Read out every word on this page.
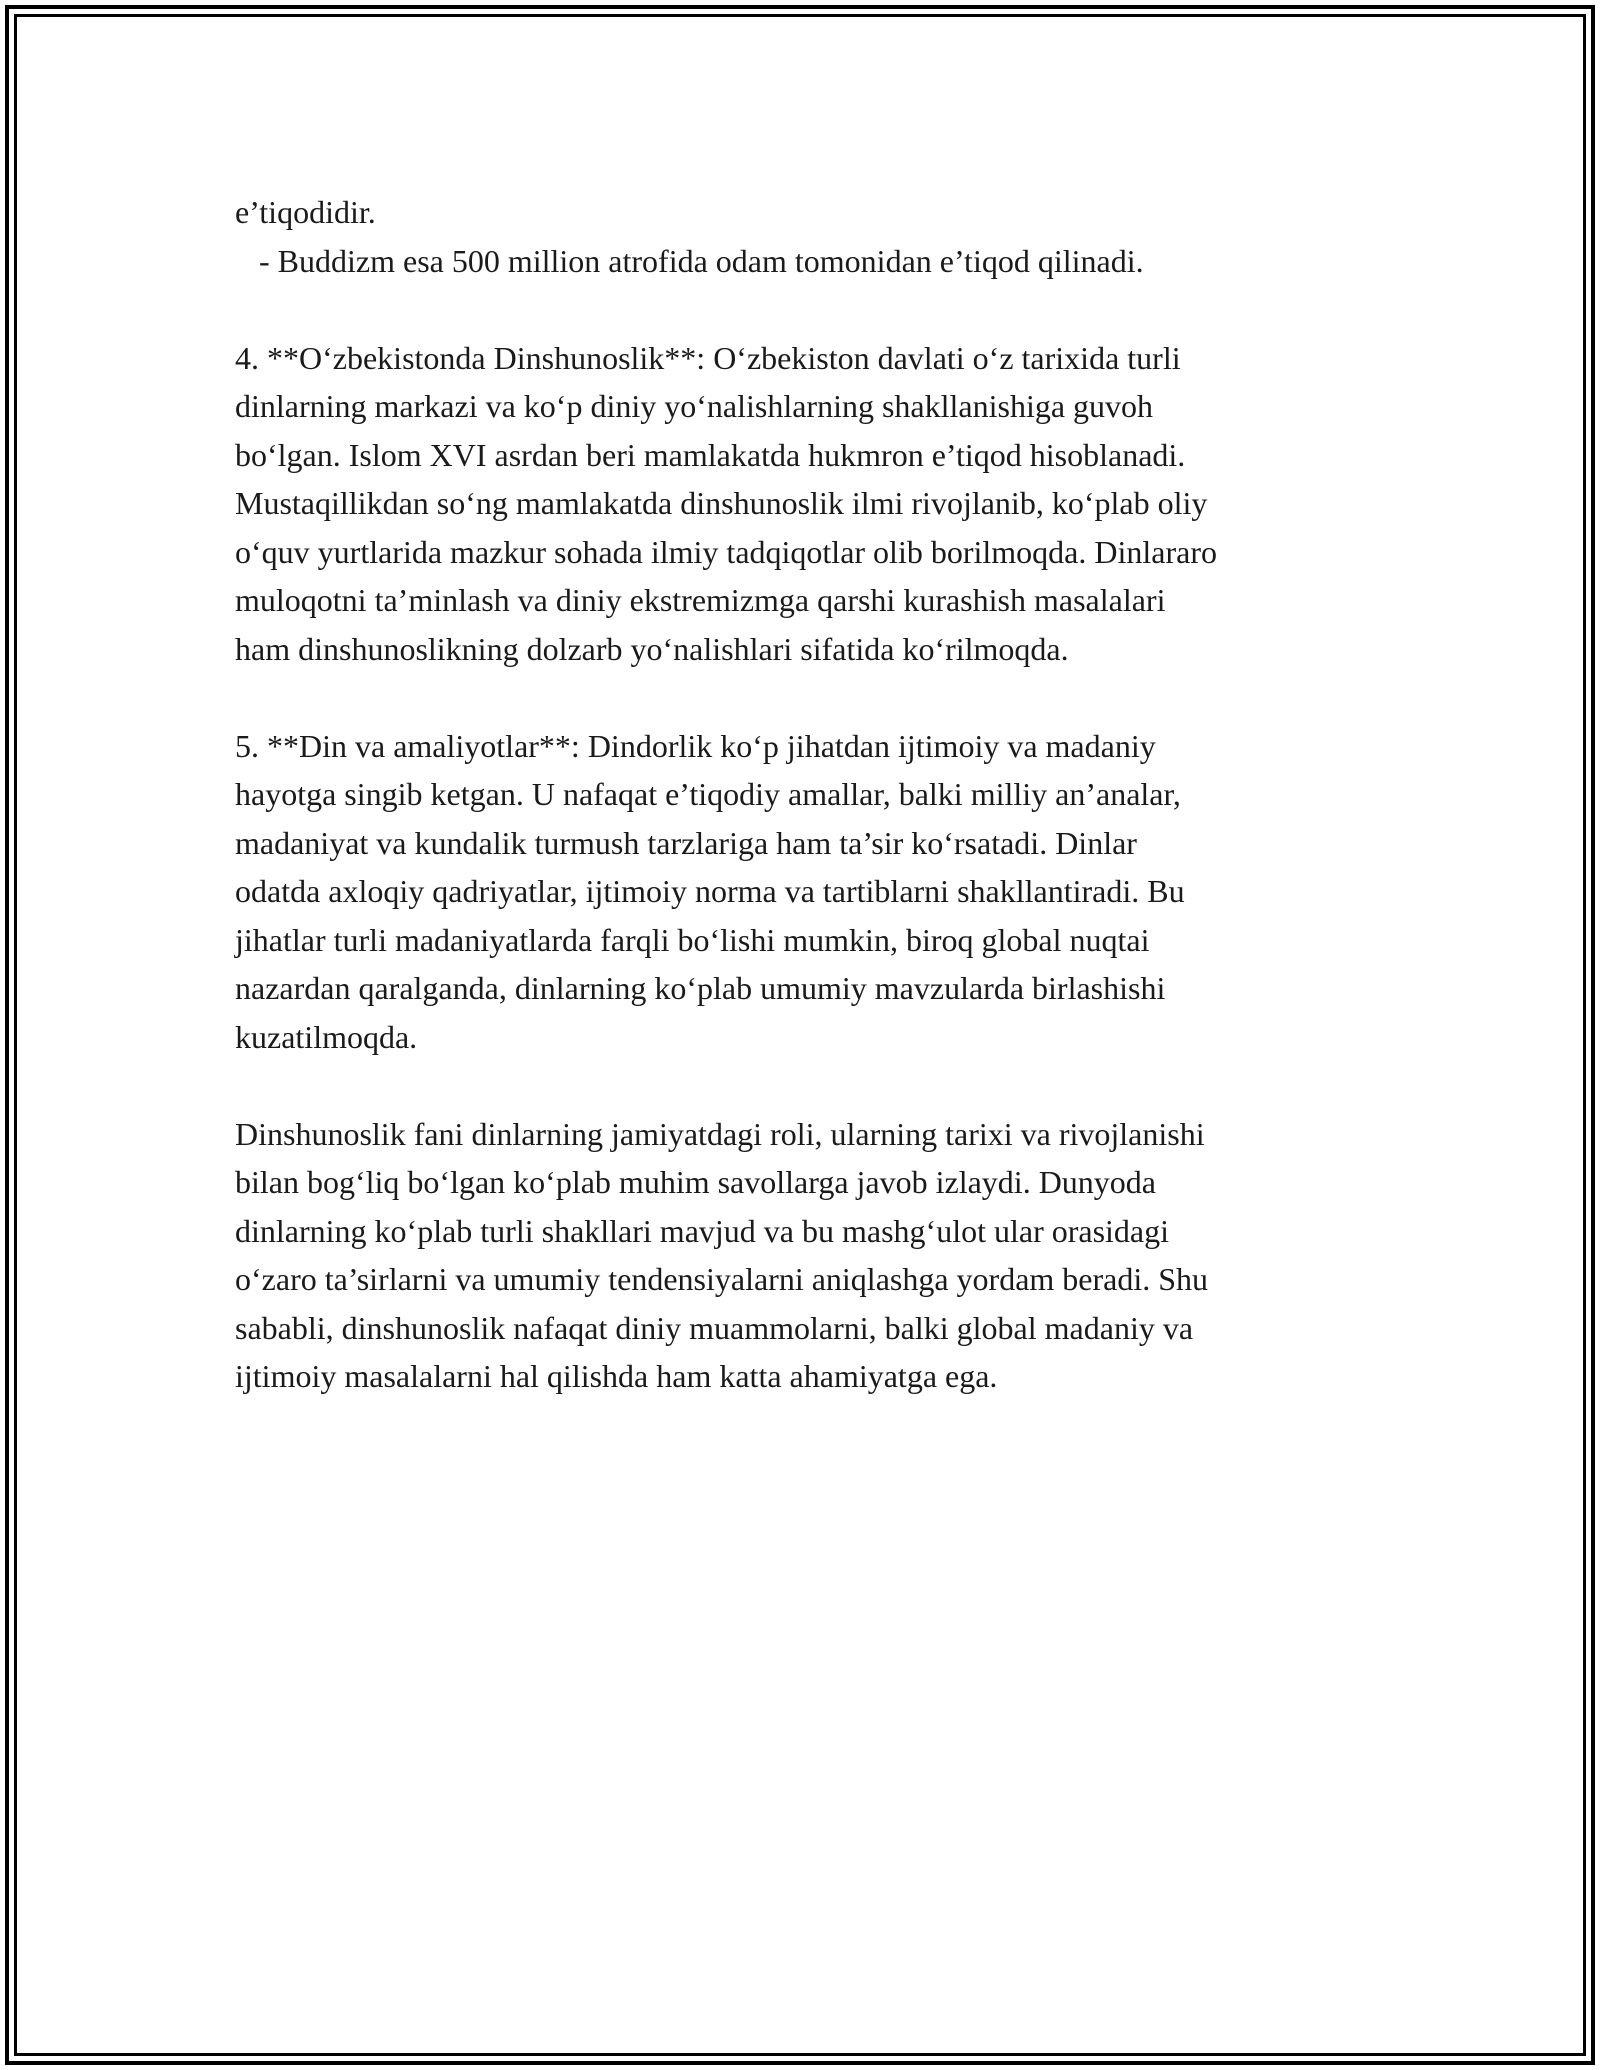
e’tiqodidir.

- Buddizm esa 500 million atrofida odam tomonidan e’tiqod qilinadi.

4. **O‘zbekistonda Dinshunoslik**: O‘zbekiston davlati o‘z tarixida turli

dinlarning markazi va ko‘p diniy yo‘nalishlarning shakllanishiga guvoh

bo‘lgan. Islom XVI asrdan beri mamlakatda hukmron e’tiqod hisoblanadi.

Mustaqillikdan so‘ng mamlakatda dinshunoslik ilmi rivojlanib, ko‘plab oliy

o‘quv yurtlarida mazkur sohada ilmiy tadqiqotlar olib borilmoqda. Dinlararo

muloqotni ta’minlash va diniy ekstremizmga qarshi kurashish masalalari

ham dinshunoslikning dolzarb yo‘nalishlari sifatida ko‘rilmoqda.

5. **Din va amaliyotlar**: Dindorlik ko‘p jihatdan ijtimoiy va madaniy

hayotga singib ketgan. U nafaqat e’tiqodiy amallar, balki milliy an’analar,

madaniyat va kundalik turmush tarzlariga ham ta’sir ko‘rsatadi. Dinlar

odatda axloqiy qadriyatlar, ijtimoiy norma va tartiblarni shakllantiradi. Bu

jihatlar turli madaniyatlarda farqli bo‘lishi mumkin, biroq global nuqtai

nazardan qaralganda, dinlarning ko‘plab umumiy mavzularda birlashishi

kuzatilmoqda.

Dinshunoslik fani dinlarning jamiyatdagi roli, ularning tarixi va rivojlanishi

bilan bog‘liq bo‘lgan ko‘plab muhim savollarga javob izlaydi. Dunyoda

dinlarning ko‘plab turli shakllari mavjud va bu mashg‘ulot ular orasidagi

o‘zaro ta’sirlarni va umumiy tendensiyalarni aniqlashga yordam beradi. Shu

sababli, dinshunoslik nafaqat diniy muammolarni, balki global madaniy va

ijtimoiy masalalarni hal qilishda ham katta ahamiyatga ega.
